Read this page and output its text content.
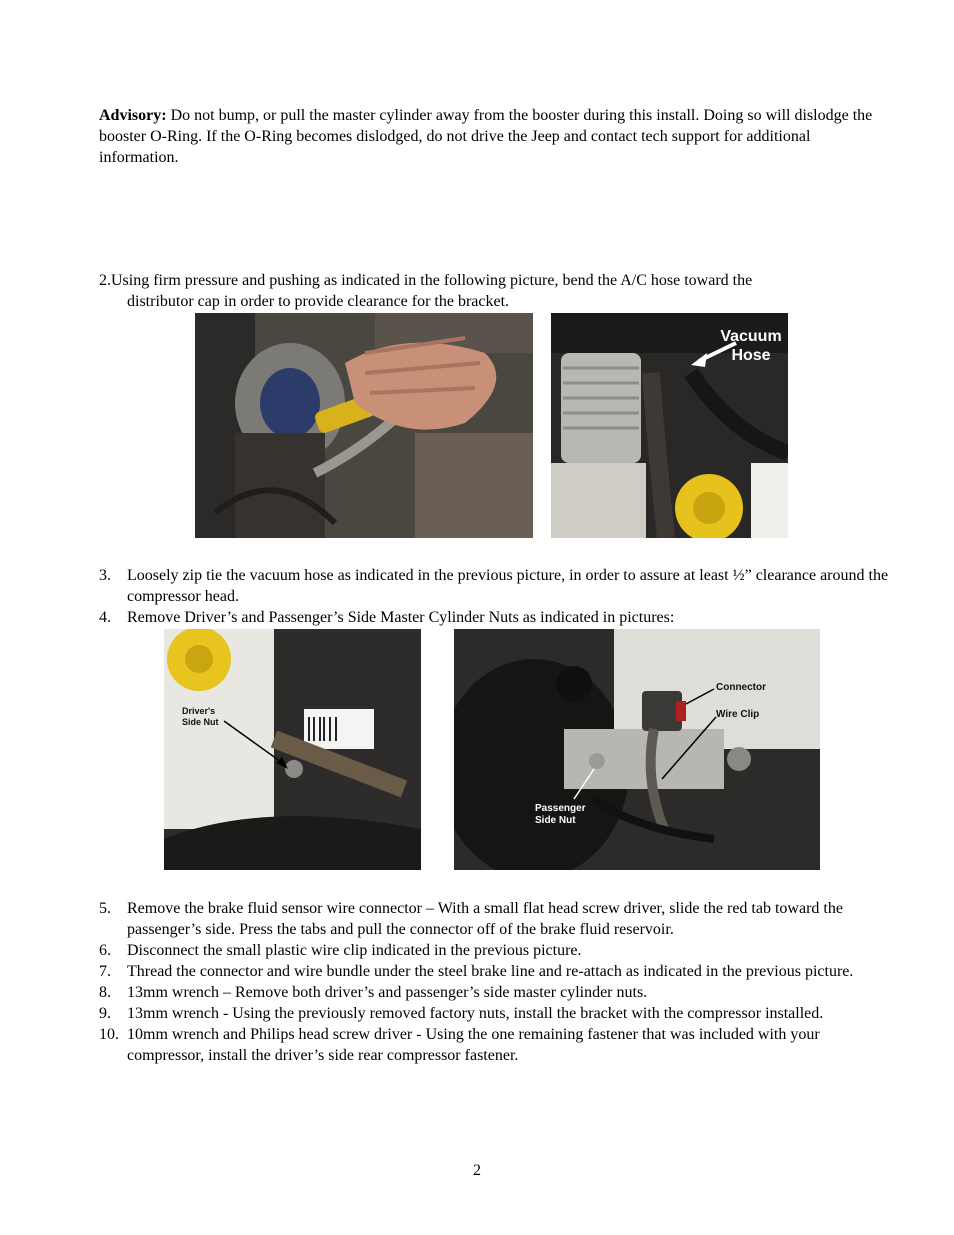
Advisory: Do not bump, or pull the master cylinder away from the booster during this install. Doing so will dislodge the booster O-Ring. If the O-Ring becomes dislodged, do not drive the Jeep and contact tech support for additional information.
2.Using firm pressure and pushing as indicated in the following picture, bend the A/C hose toward the
distributor cap in order to provide clearance for the bracket.
Vacuum
Hose
3. Loosely zip tie the vacuum hose as indicated in the previous picture, in order to assure at least ½” clearance around the compressor head.
4. Remove Driver’s and Passenger’s Side Master Cylinder Nuts as indicated in pictures:
Driver's
Side Nut
Connector
Wire Clip
Passenger
Side Nut
5. Remove the brake fluid sensor wire connector – With a small flat head screw driver, slide the red tab toward the passenger’s side. Press the tabs and pull the connector off of the brake fluid reservoir.
6. Disconnect the small plastic wire clip indicated in the previous picture.
7. Thread the connector and wire bundle under the steel brake line and re-attach as indicated in the previous picture.
8. 13mm wrench – Remove both driver’s and passenger’s side master cylinder nuts.
9. 13mm wrench - Using the previously removed factory nuts, install the bracket with the compressor installed.
10. 10mm wrench and Philips head screw driver - Using the one remaining fastener that was included with your compressor, install the driver’s side rear compressor fastener.
2
